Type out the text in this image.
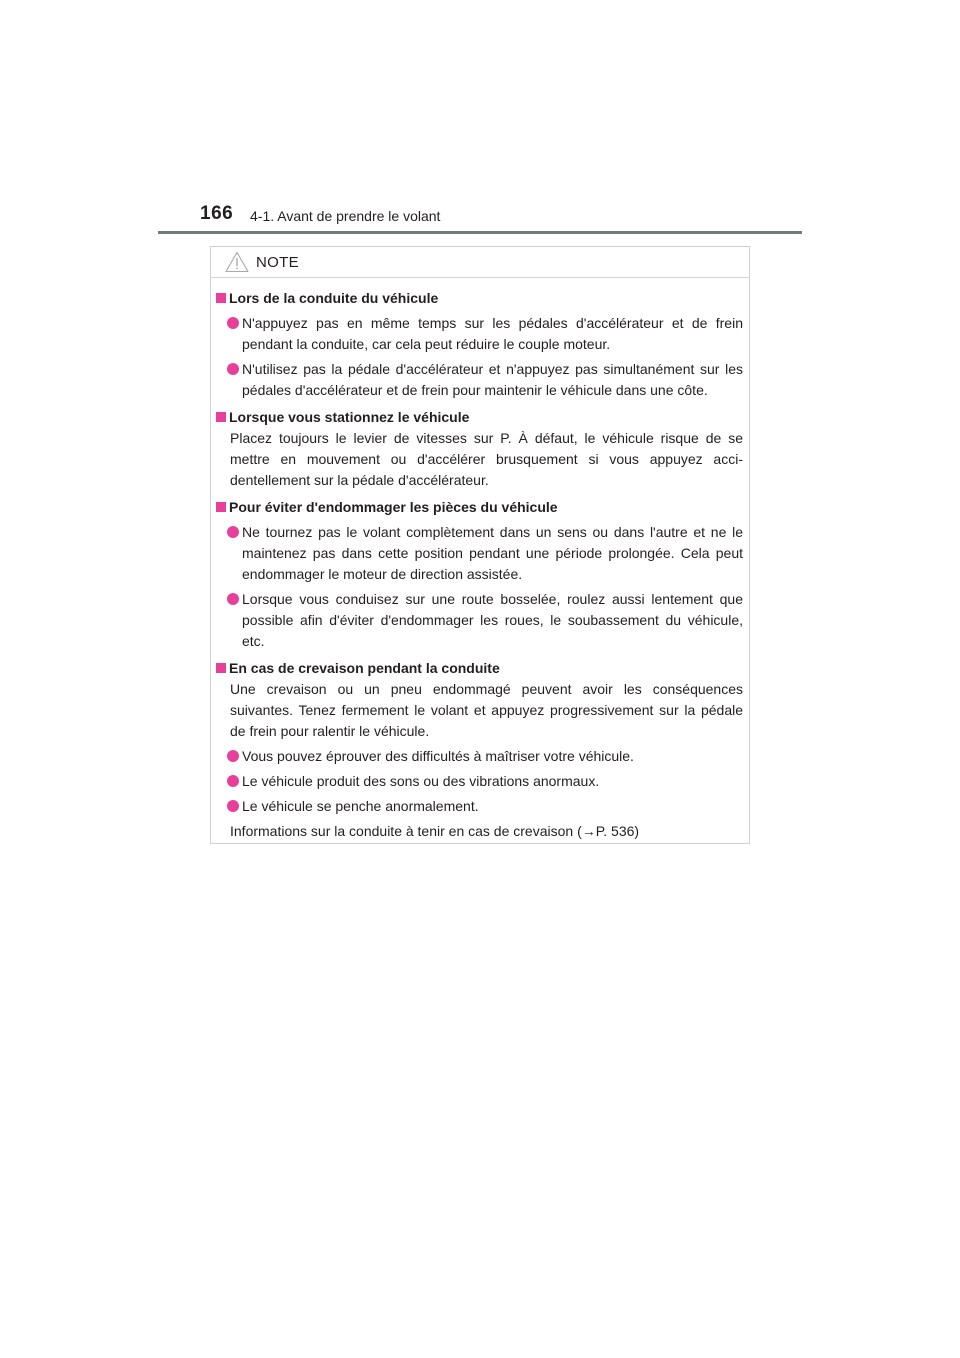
166 4-1. Avant de prendre le volant
NOTE
Lors de la conduite du véhicule
N'appuyez pas en même temps sur les pédales d'accélérateur et de frein pendant la conduite, car cela peut réduire le couple moteur.
N'utilisez pas la pédale d'accélérateur et n'appuyez pas simultanément sur les pédales d'accélérateur et de frein pour maintenir le véhicule dans une côte.
Lorsque vous stationnez le véhicule
Placez toujours le levier de vitesses sur P. À défaut, le véhicule risque de se mettre en mouvement ou d'accélérer brusquement si vous appuyez acci-dentellement sur la pédale d'accélérateur.
Pour éviter d'endommager les pièces du véhicule
Ne tournez pas le volant complètement dans un sens ou dans l'autre et ne le maintenez pas dans cette position pendant une période prolongée. Cela peut endommager le moteur de direction assistée.
Lorsque vous conduisez sur une route bosselée, roulez aussi lentement que possible afin d'éviter d'endommager les roues, le soubassement du véhicule, etc.
En cas de crevaison pendant la conduite
Une crevaison ou un pneu endommagé peuvent avoir les conséquences suivantes. Tenez fermement le volant et appuyez progressivement sur la pédale de frein pour ralentir le véhicule.
Vous pouvez éprouver des difficultés à maîtriser votre véhicule.
Le véhicule produit des sons ou des vibrations anormaux.
Le véhicule se penche anormalement.
Informations sur la conduite à tenir en cas de crevaison (→P. 536)
